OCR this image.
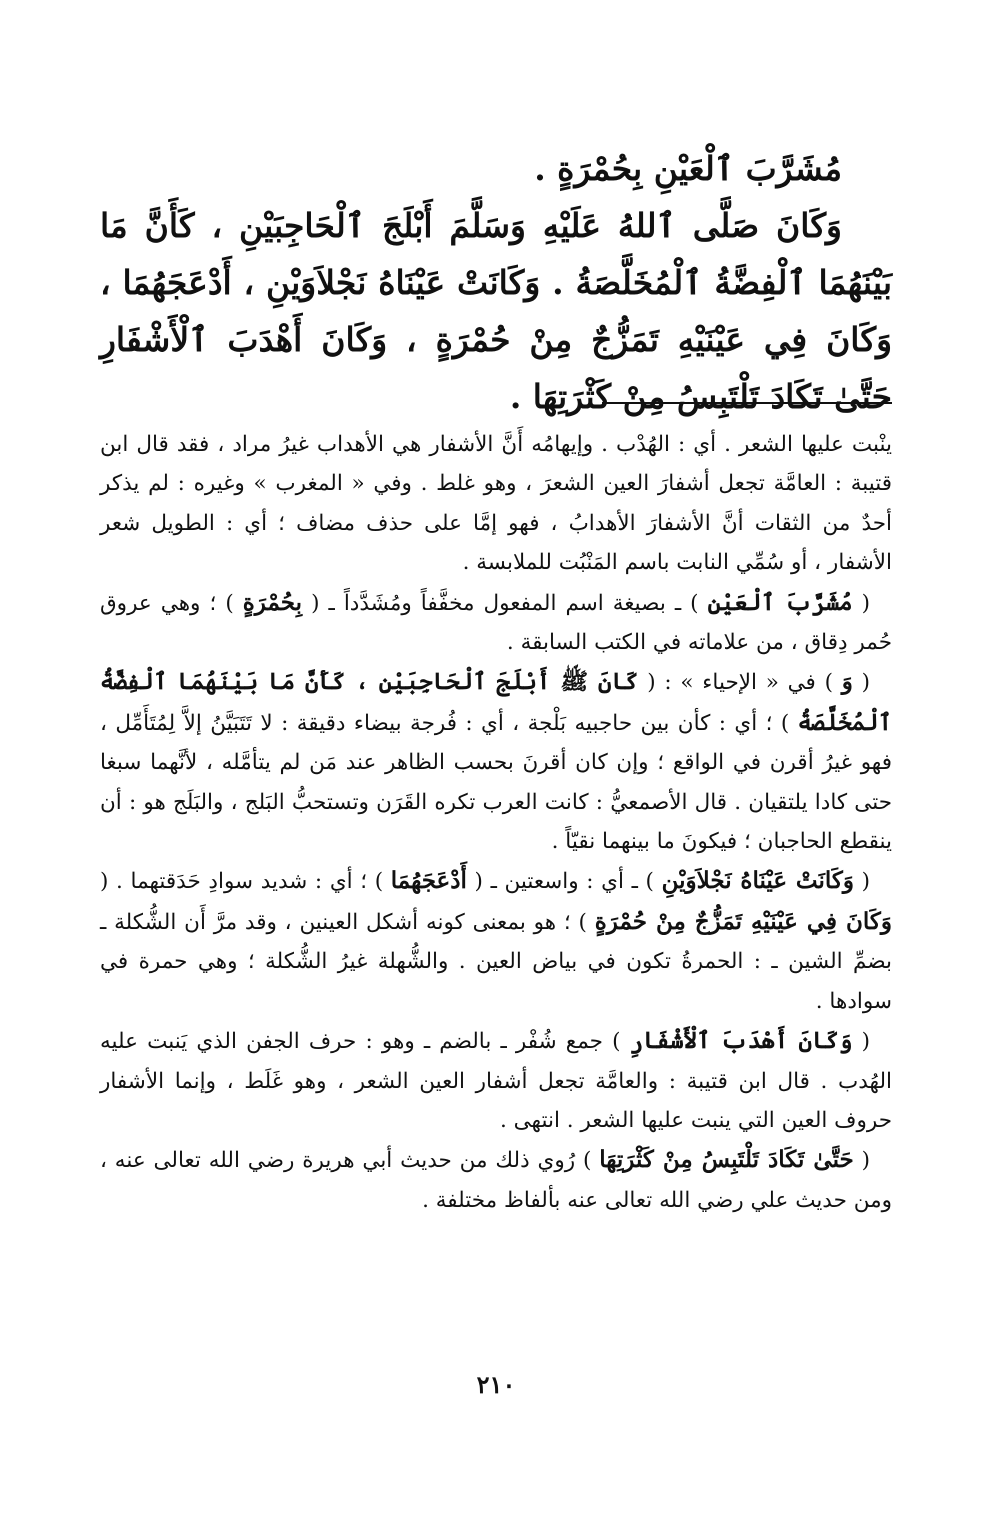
مُشَرَّبَ ٱلْعَيْنِ بِحُمْرَةٍ .

وَكَانَ صَلَّى ٱللهُ عَلَيْهِ وَسَلَّمَ أَبْلَجَ ٱلْحَاجِبَيْنِ ، كَأَنَّ مَا بَيْنَهُمَا ٱلْفِضَّةُ ٱلْمُخَلَّصَةُ . وَكَانَتْ عَيْنَاهُ نَجْلاَوَيْنِ ، أَدْعَجَهُمَا ، وَكَانَ فِي عَيْنَيْهِ تَمَزُّجٌ مِنْ حُمْرَةٍ ، وَكَانَ أَهْدَبَ ٱلْأَشْفَارِ حَتَّىٰ تَكَادَ تَلْتَبِسُ مِنْ كَثْرَتِهَا .

ينْبت عليها الشعر . أي : الهُدْب . وإيهامُه أَنَّ الأشفار هي الأهداب غيرُ مراد ، فقد قال ابن قتيبة : العامَّة تجعل أشفارَ العين الشعرَ ، وهو غلط . وفي « المغرب » وغيره : لم يذكر أحدٌ من الثقات أنَّ الأشفارَ الأهدابُ ، فهو إمَّا على حذف مضاف ؛ أي : الطويل شعر الأشفار ، أو سُمِّي النابت باسم المَنْبُت للملابسة .

( مُشَرَّبَ ٱلْعَيْنِ ) ـ بصيغة اسم المفعول مخفَّفاً ومُشَدَّداً ـ ( بِحُمْرَةٍ ) ؛ وهي عروق حُمر دِقاق ، من علاماته في الكتب السابقة .

( وَ ) في « الإحياء » : ( كَانَ ﷺ أَبْلَجَ ٱلْحَاجِبَيْنِ ، كَأَنَّ مَا بَيْنَهُمَا ٱلْفِضَّةُ ٱلْمُخَلَّصَةُ ) ؛ أي : كأن بين حاجبيه بَلْجة ، أي : فُرجة بيضاء دقيقة : لا تَتَبَيَّنُ إلاَّ لِمُتَأَمِّل ، فهو غيرُ أقرن في الواقع ؛ وإن كان أقرنَ بحسب الظاهر عند مَن لم يتأمَّله ، لأنَّهما سبغا حتى كادا يلتقيان . قال الأصمعيُّ : كانت العرب تكره القَرَن وتستحبُّ البَلج ، والبَلَج هو : أن ينقطع الحاجبان ؛ فيكونَ ما بينهما نقيّاً .

( وَكَانَتْ عَيْنَاهُ نَجْلاَوَيْنِ ) ـ أي : واسعتين ـ ( أَدْعَجَهُمَا ) ؛ أي : شديد سوادِ حَدَقتهما . ( وَكَانَ فِي عَيْنَيْهِ تَمَزُّجٌ مِنْ حُمْرَةٍ ) ؛ هو بمعنى كونه أشكل العينين ، وقد مرَّ أَن الشُّكلة ـ بضمِّ الشين ـ : الحمرةُ تكون في بياض العين . والشُّهلة غيرُ الشُّكلة ؛ وهي حمرة في سوادها .

( وَكَانَ أَهْدَبَ ٱلْأَشْفَارِ ) جمع شُفْر ـ بالضم ـ وهو : حرف الجفن الذي يَنبت عليه الهُدب . قال ابن قتيبة : والعامَّة تجعل أشفار العين الشعر ، وهو غَلَط ، وإنما الأشفار حروف العين التي ينبت عليها الشعر . انتهى .

( حَتَّىٰ تَكَادَ تَلْتَبِسُ مِنْ كَثْرَتِهَا ) رُوي ذلك من حديث أبي هريرة رضي الله تعالى عنه ، ومن حديث علي رضي الله تعالى عنه بألفاظ مختلفة .

٢١٠
